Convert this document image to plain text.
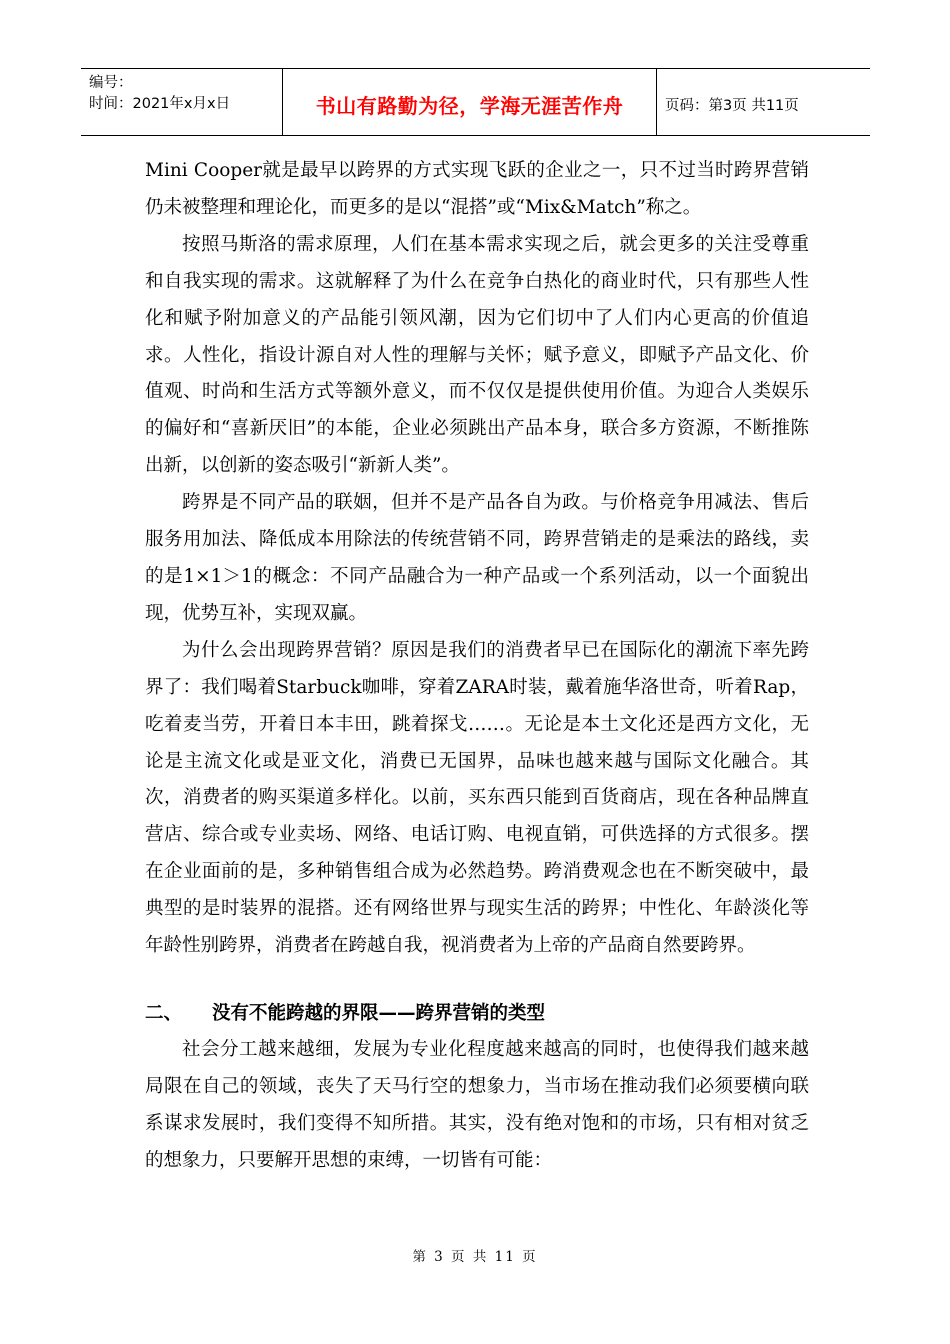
编号：
时间：2021年x月x日	书山有路勤为径，学海无涯苦作舟	页码：第3页 共11页

Mini Cooper就是最早以跨界的方式实现飞跃的企业之一，只不过当时跨界营销仍未被整理和理论化，而更多的是以“混搭”或“Mix&Match”称之。

按照马斯洛的需求原理，人们在基本需求实现之后，就会更多的关注受尊重和自我实现的需求。这就解释了为什么在竞争白热化的商业时代，只有那些人性化和赋予附加意义的产品能引领风潮，因为它们切中了人们内心更高的价值追求。人性化，指设计源自对人性的理解与关怀；赋予意义，即赋予产品文化、价值观、时尚和生活方式等额外意义，而不仅仅是提供使用价值。为迎合人类娱乐的偏好和“喜新厌旧”的本能，企业必须跳出产品本身，联合多方资源，不断推陈出新，以创新的姿态吸引“新新人类”。

跨界是不同产品的联姻，但并不是产品各自为政。与价格竞争用减法、售后服务用加法、降低成本用除法的传统营销不同，跨界营销走的是乘法的路线，卖的是1×1＞1的概念：不同产品融合为一种产品或一个系列活动，以一个面貌出现，优势互补，实现双赢。

为什么会出现跨界营销？原因是我们的消费者早已在国际化的潮流下率先跨界了：我们喝着Starbuck咖啡，穿着ZARA时装，戴着施华洛世奇，听着Rap，吃着麦当劳，开着日本丰田，跳着探戈……。无论是本土文化还是西方文化，无论是主流文化或是亚文化，消费已无国界，品味也越来越与国际文化融合。其次，消费者的购买渠道多样化。以前，买东西只能到百货商店，现在各种品牌直营店、综合或专业卖场、网络、电话订购、电视直销，可供选择的方式很多。摆在企业面前的是，多种销售组合成为必然趋势。跨消费观念也在不断突破中，最典型的是时装界的混搭。还有网络世界与现实生活的跨界；中性化、年龄淡化等年龄性别跨界，消费者在跨越自我，视消费者为上帝的产品商自然要跨界。

二、	没有不能跨越的界限——跨界营销的类型

社会分工越来越细，发展为专业化程度越来越高的同时，也使得我们越来越局限在自己的领域，丧失了天马行空的想象力，当市场在推动我们必须要横向联系谋求发展时，我们变得不知所措。其实，没有绝对饱和的市场，只有相对贫乏的想象力，只要解开思想的束缚，一切皆有可能：

第 3 页 共 11 页
